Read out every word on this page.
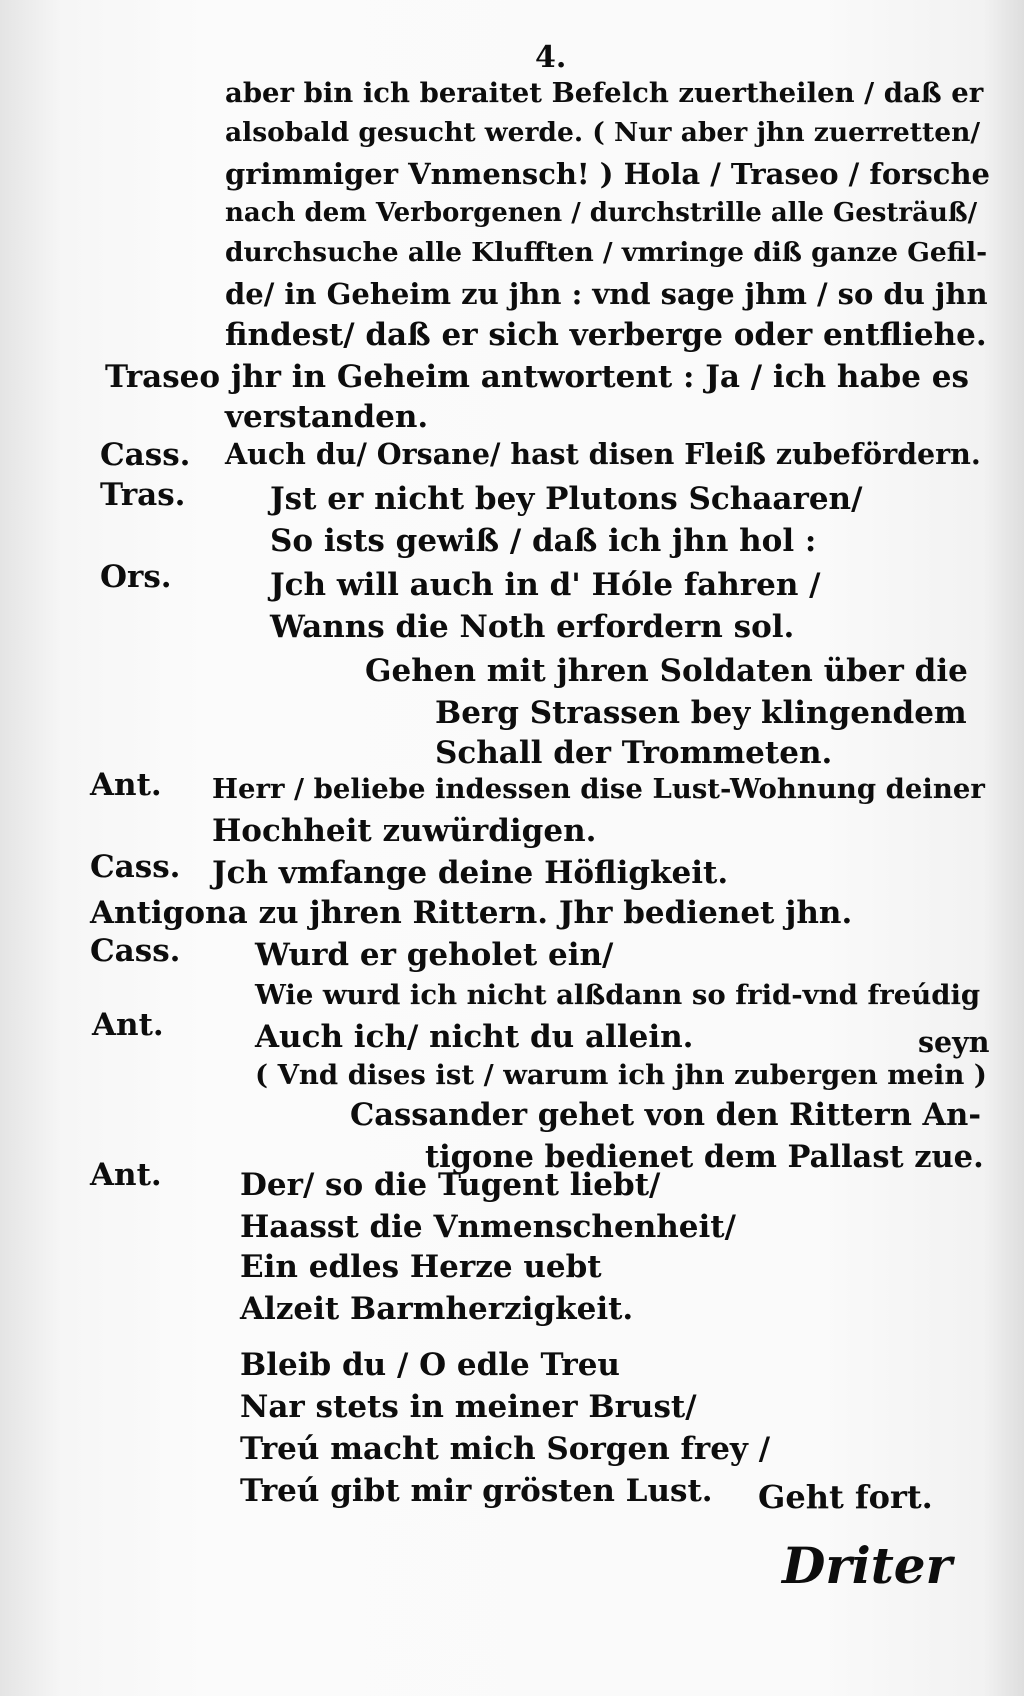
4.
aber bin ich beraitet Befelch zuertheilen / daß er
alsobald gesucht werde. ( Nur aber jhn zuerretten/
grimmiger Vnmensch! ) Hola / Traseo / forsche
nach dem Verborgenen / durchstrille alle Gesträuß/
durchsuche alle Klufften / vmringe diß ganze Gefil-
de/ in Geheim zu jhn : vnd sage jhm / so du jhn
findest/ daß er sich verberge oder entfliehe.
Traseo jhr in Geheim antwortent : Ja / ich habe es
verstanden.
Cass. Auch du/ Orsane/ hast disen Fleiß zubefördern.
Tras.	Jst er nicht bey Plutons Schaaren/
So ists gewiß / daß ich jhn hol :
Ors.	Jch will auch in d' Hóle fahren /
Wanns die Noth erfordern sol.
Gehen mit jhren Soldaten über die
Berg Strassen bey klingendem
Schall der Trommeten.
Ant. Herr / beliebe indessen dise Lust-Wohnung deiner
Hochheit zuwürdigen.
Cass. Jch vmfange deine Höfligkeit.
Antigona zu jhren Rittern. Jhr bedienet jhn.
Cass. Wurd er geholet ein/
Wie wurd ich nicht alßdann so frid-vnd freúdig
Ant.	Auch ich/ nicht du allein.	seyn
( Vnd dises ist / warum ich jhn zubergen mein )
Cassander gehet von den Rittern An-
tigone bedienet dem Pallast zue.
Ant.	Der/ so die Tugent liebt/
Haasst die Vnmenschenheit/
Ein edles Herze uebt
Alzeit Barmherzigkeit.
Bleib du / O edle Treu
Nar stets in meiner Brust/
Treú macht mich Sorgen frey /
Treú gibt mir grösten Lust. Geht fort.
Driter
